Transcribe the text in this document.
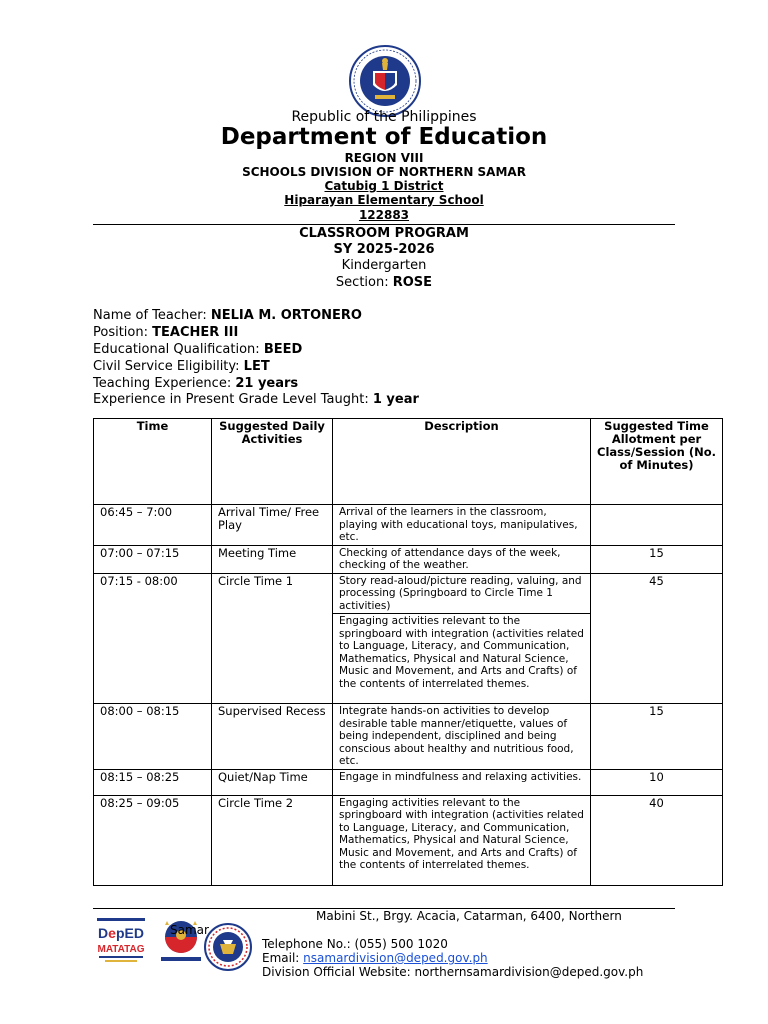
Republic of the Philippines
Department of Education
REGION VIII
SCHOOLS DIVISION OF NORTHERN SAMAR
Catubig 1 District
Hiparayan Elementary School
122883
CLASSROOM PROGRAM
SY 2025-2026
Kindergarten
Section: ROSE
Name of Teacher: NELIA M. ORTONERO
Position: TEACHER III
Educational Qualification: BEED
Civil Service Eligibility: LET
Teaching Experience: 21 years
Experience in Present Grade Level Taught: 1 year
Time	Suggested Daily Activities	Description	Suggested Time Allotment per Class/Session (No. of Minutes)
06:45 – 7:00	Arrival Time/ Free Play	Arrival of the learners in the classroom, playing with educational toys, manipulatives, etc.	
07:00 – 07:15	Meeting Time	Checking of attendance days of the week, checking of the weather.	15
07:15 - 08:00	Circle Time 1	Story read-aloud/picture reading, valuing, and processing (Springboard to Circle Time 1 activities)	45
		Engaging activities relevant to the springboard with integration (activities related to Language, Literacy, and Communication, Mathematics, Physical and Natural Science, Music and Movement, and Arts and Crafts) of the contents of interrelated themes.	
08:00 – 08:15	Supervised Recess	Integrate hands-on activities to develop desirable table manner/etiquette, values of being independent, disciplined and being conscious about healthy and nutritious food, etc.	15
08:15 – 08:25	Quiet/Nap Time	Engage in mindfulness and relaxing activities.	10
08:25 – 09:05	Circle Time 2	Engaging activities relevant to the springboard with integration (activities related to Language, Literacy, and Communication, Mathematics, Physical and Natural Science, Music and Movement, and Arts and Crafts) of the contents of interrelated themes.	40
DepED
MATATAG
Mabini St., Brgy. Acacia, Catarman, 6400, Northern
Samar
Telephone No.: (055) 500 1020
Email: nsamardivision@deped.gov.ph
Division Official Website: northernsamardivision@deped.gov.ph
